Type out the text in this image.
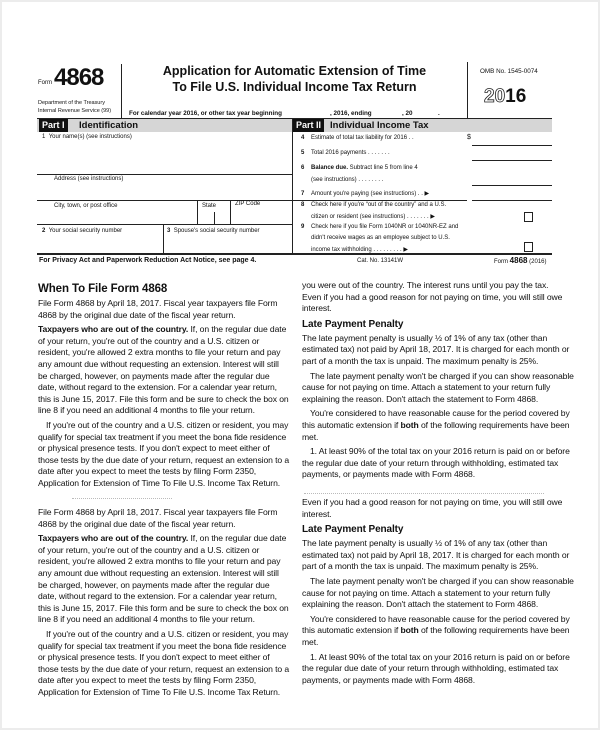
Form 4868
Department of the Treasury
Internal Revenue Service (99)
Application for Automatic Extension of Time
To File U.S. Individual Income Tax Return
For calendar year 2016, or other tax year beginning	, 2016, ending	, 20	.
OMB No. 1545-0074
2016
Part I	Identification	Part II Individual Income Tax
1 Your name(s) (see instructions)
Address (see instructions)
City, town, or post office	State	ZIP Code
2 Your social security number	3 Spouse's social security number
4 Estimate of total tax liability for 2016 . .	$
5 Total 2016 payments . . . . . . .
6 Balance due. Subtract line 5 from line 4
(see instructions) . . . . . . . .
7 Amount you're paying (see instructions) . . ▶
8 Check here if you're “out of the country” and a U.S.
citizen or resident (see instructions) . . . . . . . ▶
9 Check here if you file Form 1040NR or 1040NR-EZ and
didn't receive wages as an employee subject to U.S.
income tax withholding . . . . . . . . . ▶
For Privacy Act and Paperwork Reduction Act Notice, see page 4.	Cat. No. 13141W	Form 4868 (2016)
When To File Form 4868

File Form 4868 by April 18, 2017. Fiscal year taxpayers file Form 4868 by the original due date of the fiscal year return.

Taxpayers who are out of the country. If, on the regular due date of your return, you're out of the country and a U.S. citizen or resident, you're allowed 2 extra months to file your return and pay any amount due without requesting an extension. Interest will still be charged, however, on payments made after the regular due date, without regard to the extension. For a calendar year return, this is June 15, 2017. File this form and be sure to check the box on line 8 if you need an additional 4 months to file your return.

If you're out of the country and a U.S. citizen or resident, you may qualify for special tax treatment if you meet the bona fide residence or physical presence tests. If you don't expect to meet either of those tests by the due date of your return, request an extension to a date after you expect to meet the tests by filing Form 2350, Application for Extension of Time To File U.S. Income Tax Return.

File Form 4868 by April 18, 2017. Fiscal year taxpayers file Form 4868 by the original due date of the fiscal year return.

Taxpayers who are out of the country. If, on the regular due date of your return, you're out of the country and a U.S. citizen or resident, you're allowed 2 extra months to file your return and pay any amount due without requesting an extension. Interest will still be charged, however, on payments made after the regular due date, without regard to the extension. For a calendar year return, this is June 15, 2017. File this form and be sure to check the box on line 8 if you need an additional 4 months to file your return.

If you're out of the country and a U.S. citizen or resident, you may qualify for special tax treatment if you meet the bona fide residence or physical presence tests. If you don't expect to meet either of those tests by the due date of your return, request an extension to a date after you expect to meet the tests by filing Form 2350, Application for Extension of Time To File U.S. Income Tax Return.

you were out of the country. The interest runs until you pay the tax.

Even if you had a good reason for not paying on time, you will still owe interest.

Late Payment Penalty

The late payment penalty is usually ½ of 1% of any tax (other than estimated tax) not paid by April 18, 2017. It is charged for each month or part of a month the tax is unpaid. The maximum penalty is 25%.

The late payment penalty won't be charged if you can show reasonable cause for not paying on time. Attach a statement to your return fully explaining the reason. Don't attach the statement to Form 4868.

You're considered to have reasonable cause for the period covered by this automatic extension if both of the following requirements have been met.

1. At least 90% of the total tax on your 2016 return is paid on or before the regular due date of your return through withholding, estimated tax payments, or payments made with Form 4868.

Even if you had a good reason for not paying on time, you will still owe interest.

Late Payment Penalty

The late payment penalty is usually ½ of 1% of any tax (other than estimated tax) not paid by April 18, 2017. It is charged for each month or part of a month the tax is unpaid. The maximum penalty is 25%.

The late payment penalty won't be charged if you can show reasonable cause for not paying on time. Attach a statement to your return fully explaining the reason. Don't attach the statement to Form 4868.

You're considered to have reasonable cause for the period covered by this automatic extension if both of the following requirements have been met.

1. At least 90% of the total tax on your 2016 return is paid on or before the regular due date of your return through withholding, estimated tax payments, or payments made with Form 4868.
